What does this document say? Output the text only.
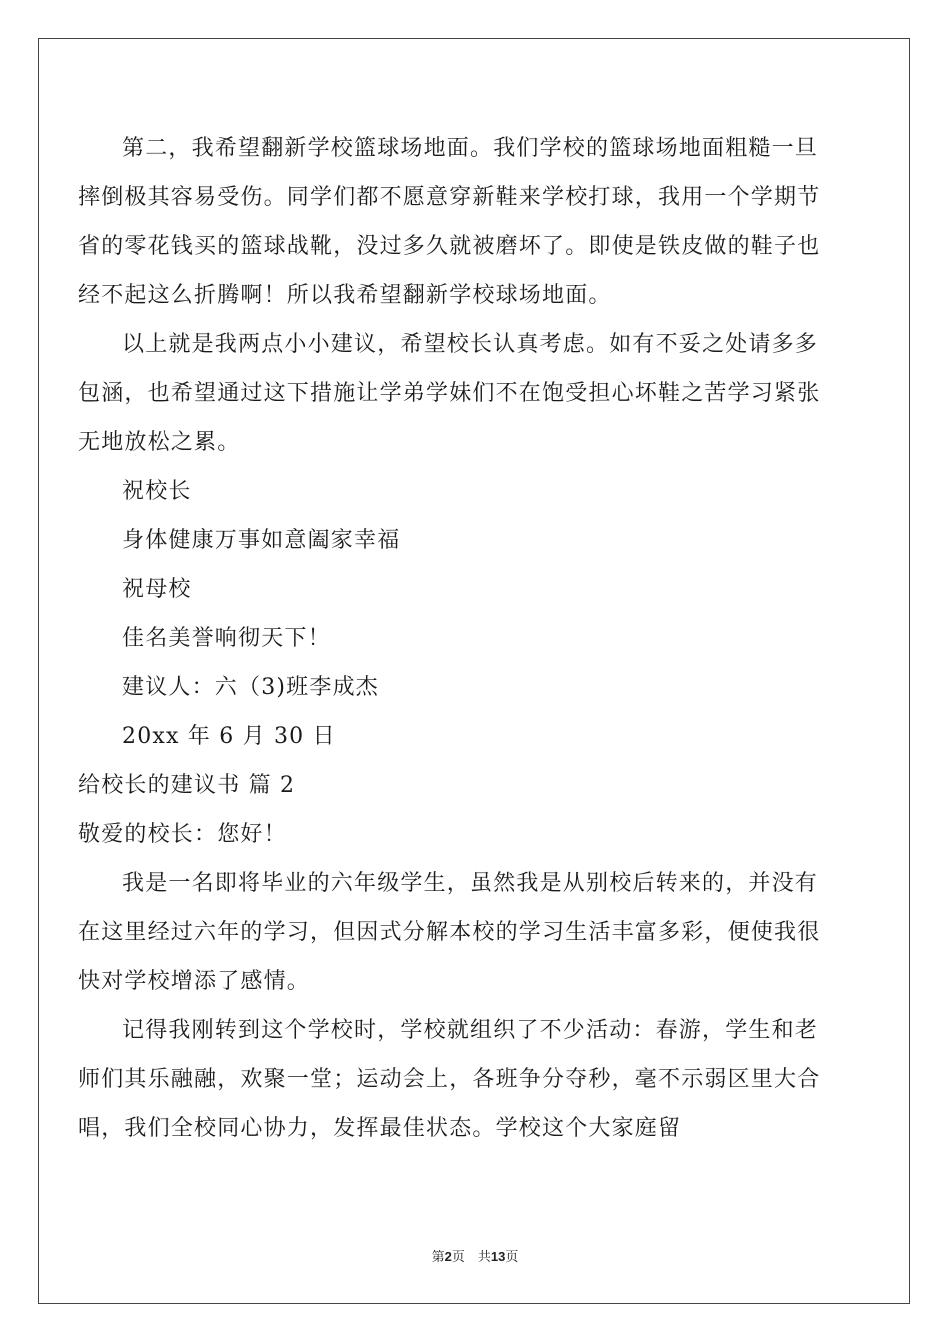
第二，我希望翻新学校篮球场地面。我们学校的篮球场地面粗糙一旦摔倒极其容易受伤。同学们都不愿意穿新鞋来学校打球，我用一个学期节省的零花钱买的篮球战靴，没过多久就被磨坏了。即使是铁皮做的鞋子也经不起这么折腾啊！所以我希望翻新学校球场地面。

以上就是我两点小小建议，希望校长认真考虑。如有不妥之处请多多包涵，也希望通过这下措施让学弟学妹们不在饱受担心坏鞋之苦学习紧张无地放松之累。

祝校长

身体健康万事如意阖家幸福

祝母校

佳名美誉响彻天下！

建议人：六（3)班李成杰

20xx 年 6 月 30 日

给校长的建议书 篇 2

敬爱的校长：您好！

我是一名即将毕业的六年级学生，虽然我是从别校后转来的，并没有在这里经过六年的学习，但因式分解本校的学习生活丰富多彩，便使我很快对学校增添了感情。

记得我刚转到这个学校时，学校就组织了不少活动：春游，学生和老师们其乐融融，欢聚一堂；运动会上，各班争分夺秒，毫不示弱区里大合唱，我们全校同心协力，发挥最佳状态。学校这个大家庭留

第2页　共13页
